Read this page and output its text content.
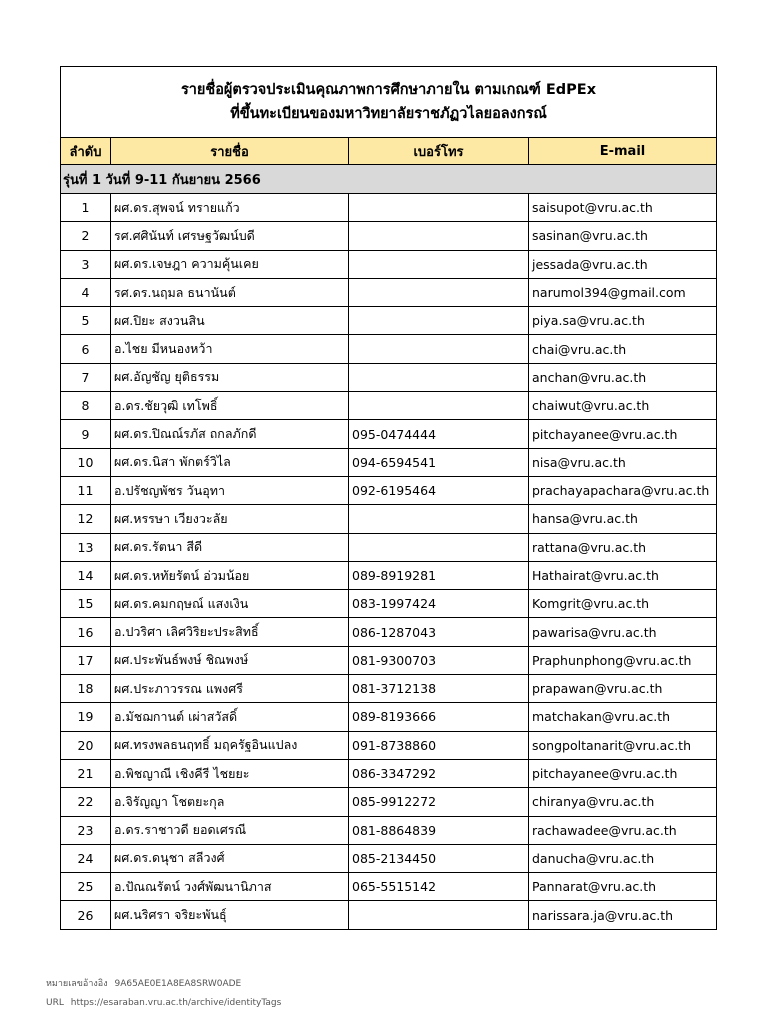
รายชื่อผู้ตรวจประเมินคุณภาพการศึกษาภายใน ตามเกณฑ์ EdPEx
ที่ขึ้นทะเบียนของมหาวิทยาลัยราชภัฏวไลยอลงกรณ์			

ลำดับ	รายชื่อ	เบอร์โทร	E-mail
รุ่นที่ 1 วันที่ 9-11 กันยายน 2566			
1	ผศ.ดร.สุพจน์ ทรายแก้ว		saisupot@vru.ac.th
2	รศ.ศศินันท์ เศรษฐวัฒน์บดี		sasinan@vru.ac.th
3	ผศ.ดร.เจษฎา ความคุ้นเคย		jessada@vru.ac.th
4	รศ.ดร.นฤมล ธนานันต์		narumol394@gmail.com
5	ผศ.ปิยะ สงวนสิน		piya.sa@vru.ac.th
6	อ.ไชย มีหนองหว้า		chai@vru.ac.th
7	ผศ.อัญชัญ ยุติธรรม		anchan@vru.ac.th
8	อ.ดร.ชัยวุฒิ เทโพธิ์		chaiwut@vru.ac.th
9	ผศ.ดร.ปิณณ์รภัส ถกลภักดี	095-0474444	pitchayanee@vru.ac.th
10	ผศ.ดร.นิสา พักตร์วิไล	094-6594541	nisa@vru.ac.th
11	อ.ปรัชญพัชร วันอุทา	092-6195464	prachayapachara@vru.ac.th
12	ผศ.หรรษา เวียงวะลัย		hansa@vru.ac.th
13	ผศ.ดร.รัตนา สีดี		rattana@vru.ac.th
14	ผศ.ดร.หทัยรัตน์ อ่วมน้อย	089-8919281	Hathairat@vru.ac.th
15	ผศ.ดร.คมกฤษณ์ แสงเงิน	083-1997424	Komgrit@vru.ac.th
16	อ.ปวริศา เลิศวิริยะประสิทธิ์	086-1287043	pawarisa@vru.ac.th
17	ผศ.ประพันธ์พงษ์ ชิณพงษ์	081-9300703	Praphunphong@vru.ac.th
18	ผศ.ประภาวรรณ แพงศรี	081-3712138	prapawan@vru.ac.th
19	อ.มัชฌกานต์ เผ่าสวัสดิ์	089-8193666	matchakan@vru.ac.th
20	ผศ.ทรงพลธนฤทธิ์ มฤครัฐอินแปลง	091-8738860	songpoltanarit@vru.ac.th
21	อ.พิชญาณี เชิงคีรี ไชยยะ	086-3347292	pitchayanee@vru.ac.th
22	อ.จิรัญญา โชตยะกุล	085-9912272	chiranya@vru.ac.th
23	อ.ดร.ราชาวดี ยอดเศรณี	081-8864839	rachawadee@vru.ac.th
24	ผศ.ดร.ดนุชา สลีวงศ์	085-2134450	danucha@vru.ac.th
25	อ.ปัณณรัตน์ วงศ์พัฒนานิภาส	065-5515142	Pannarat@vru.ac.th
26	ผศ.นริศรา จริยะพันธุ์		narissara.ja@vru.ac.th
หมายเลขอ้างอิง 9A65AE0E1A8EA8SRW0ADE
URL https://esaraban.vru.ac.th/archive/identityTags
